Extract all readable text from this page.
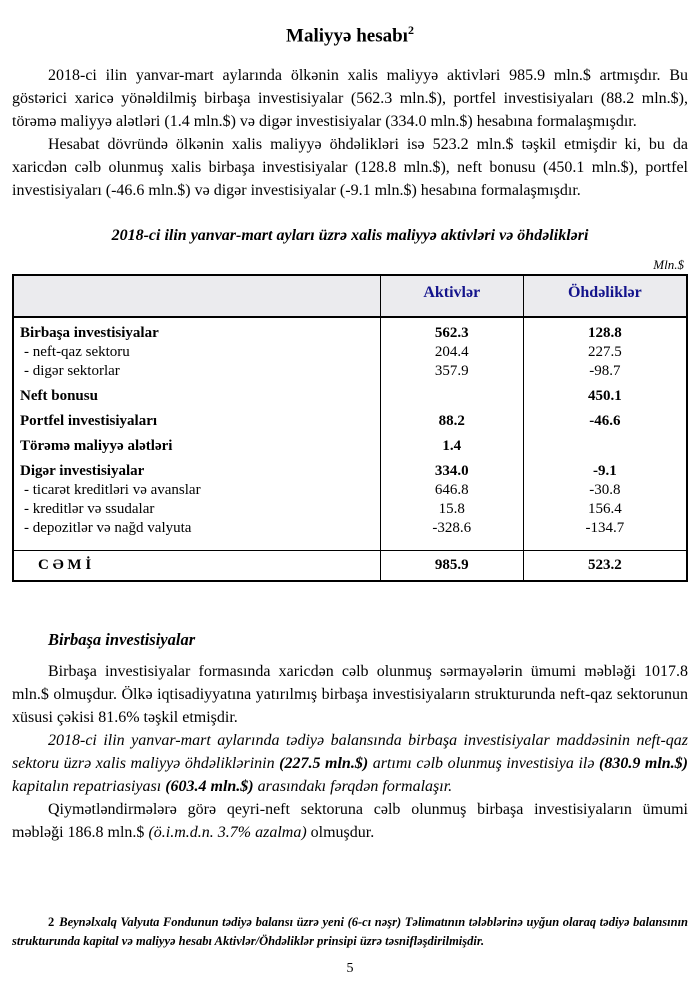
Maliyyə hesabı$^2$

2018-ci ilin yanvar-mart aylarında ölkənin xalis maliyyə aktivləri 985.9 mln.$ artmışdır. Bu göstərici xaricə yönəldilmiş birbaşa investisiyalar (562.3 mln.$), portfel investisiyaları (88.2 mln.$), törəmə maliyyə alətləri (1.4 mln.$) və digər investisiyalar (334.0 mln.$) hesabına formalaşmışdır.

Hesabat dövründə ölkənin xalis maliyyə öhdəlikləri isə 523.2 mln.$ təşkil etmişdir ki, bu da xaricdən cəlb olunmuş xalis birbaşa investisiyalar (128.8 mln.$), neft bonusu (450.1 mln.$), portfel investisiyaları (-46.6 mln.$) və digər investisiyalar (-9.1 mln.$) hesabına formalaşmışdır.

2018-ci ilin yanvar-mart ayları üzrə xalis maliyyə aktivləri və öhdəlikləri
Mln.$
	Aktivlər	Öhdəliklər
Birbaşa investisiyalar	562.3	128.8
- neft-qaz sektoru	204.4	227.5
- digər sektorlar	357.9	-98.7
Neft bonusu		450.1
Portfel investisiyaları	88.2	-46.6
Törəmə maliyyə alətləri	1.4	
Digər investisiyalar	334.0	-9.1
- ticarət kreditləri və avanslar	646.8	-30.8
- kreditlər və ssudalar	15.8	156.4
- depozitlər və nağd valyuta	-328.6	-134.7
C Ə M İ	985.9	523.2
Birbaşa investisiyalar

Birbaşa investisiyalar formasında xaricdən cəlb olunmuş sərmayələrin ümumi məbləği 1017.8 mln.$ olmuşdur. Ölkə iqtisadiyyatına yatırılmış birbaşa investisiyaların strukturunda neft-qaz sektorunun xüsusi çəkisi 81.6% təşkil etmişdir.

2018-ci ilin yanvar-mart aylarında tədiyə balansında birbaşa investisiyalar maddəsinin neft-qaz sektoru üzrə xalis maliyyə öhdəliklərinin (227.5 mln.$) artımı cəlb olunmuş investisiya ilə (830.9 mln.$) kapitalın repatriasiyası (603.4 mln.$) arasındakı fərqdən formalaşır.

Qiymətləndirmələrə görə qeyri-neft sektoruna cəlb olunmuş birbaşa investisiyaların ümumi məbləği 186.8 mln.$ (ö.i.m.d.n. 3.7% azalma) olmuşdur.

2 Beynəlxalq Valyuta Fondunun tədiyə balansı üzrə yeni (6-cı nəşr) Təlimatının tələblərinə uyğun olaraq tədiyə balansının strukturunda kapital və maliyyə hesabı Aktivlər/Öhdəliklər prinsipi üzrə təsnifləşdirilmişdir.
5
